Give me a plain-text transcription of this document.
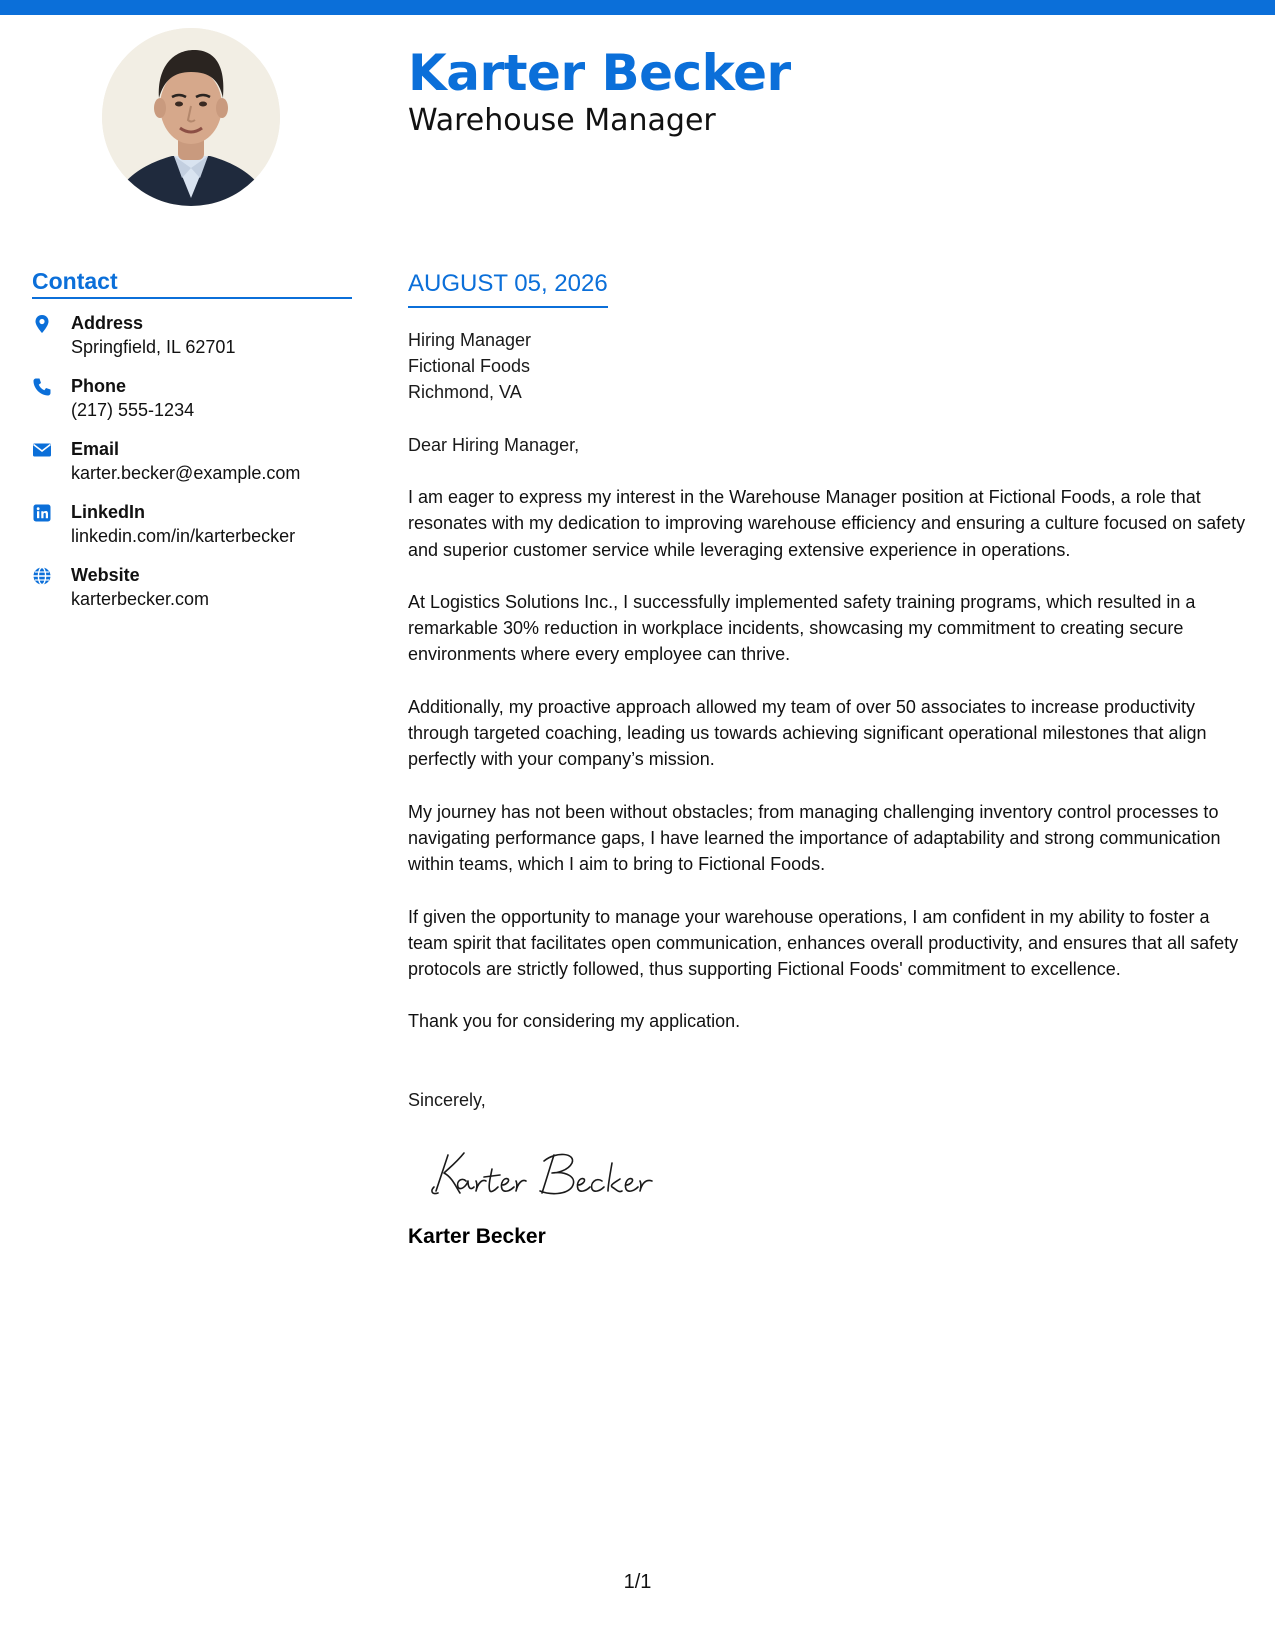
Karter Becker
Warehouse Manager
Contact
Address
Springfield, IL 62701
Phone
(217) 555-1234
Email
karter.becker@example.com
LinkedIn
linkedin.com/in/karterbecker
Website
karterbecker.com
AUGUST 05, 2026
Hiring Manager
Fictional Foods
Richmond, VA
Dear Hiring Manager,

I am eager to express my interest in the Warehouse Manager position at Fictional Foods, a role that resonates with my dedication to improving warehouse efficiency and ensuring a culture focused on safety and superior customer service while leveraging extensive experience in operations.

At Logistics Solutions Inc., I successfully implemented safety training programs, which resulted in a remarkable 30% reduction in workplace incidents, showcasing my commitment to creating secure environments where every employee can thrive.

Additionally, my proactive approach allowed my team of over 50 associates to increase productivity through targeted coaching, leading us towards achieving significant operational milestones that align perfectly with your company’s mission.

My journey has not been without obstacles; from managing challenging inventory control processes to navigating performance gaps, I have learned the importance of adaptability and strong communication within teams, which I aim to bring to Fictional Foods.

If given the opportunity to manage your warehouse operations, I am confident in my ability to foster a team spirit that facilitates open communication, enhances overall productivity, and ensures that all safety protocols are strictly followed, thus supporting Fictional Foods' commitment to excellence.

Thank you for considering my application.

Sincerely,
Karter Becker
1/1
